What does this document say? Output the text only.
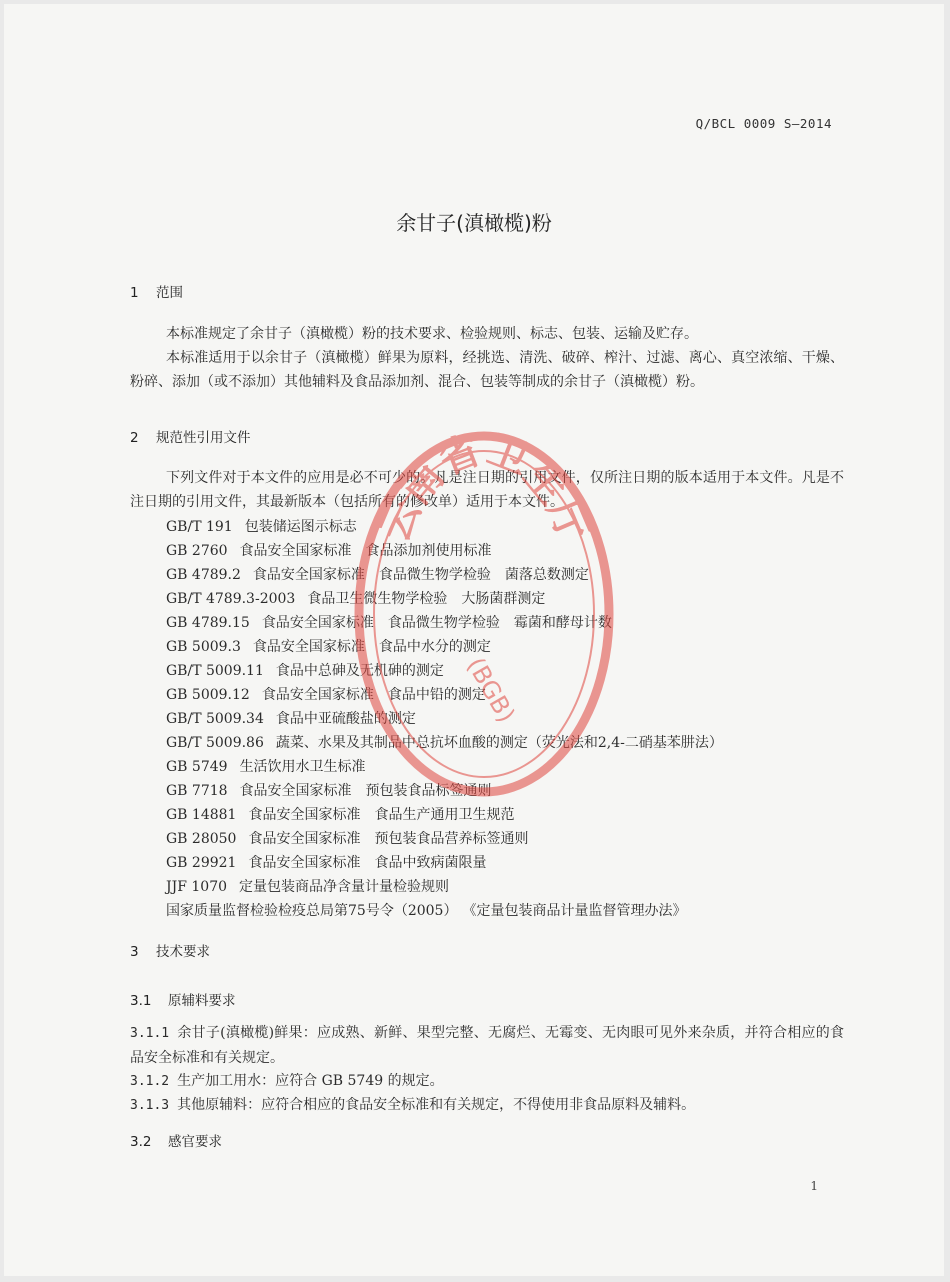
Q/BCL 0009 S—2014
余甘子(滇橄榄)粉
1 范围
本标准规定了余甘子（滇橄榄）粉的技术要求、检验规则、标志、包装、运输及贮存。
本标准适用于以余甘子（滇橄榄）鲜果为原料，经挑选、清洗、破碎、榨汁、过滤、离心、真空浓缩、干燥、粉碎、添加（或不添加）其他辅料及食品添加剂、混合、包装等制成的余甘子（滇橄榄）粉。
2 规范性引用文件
下列文件对于本文件的应用是必不可少的。凡是注日期的引用文件，仅所注日期的版本适用于本文件。凡是不注日期的引用文件，其最新版本（包括所有的修改单）适用于本文件。
GB/T 191 包装储运图示标志
GB 2760 食品安全国家标准　食品添加剂使用标准
GB 4789.2 食品安全国家标准　食品微生物学检验　菌落总数测定
GB/T 4789.3-2003 食品卫生微生物学检验　大肠菌群测定
GB 4789.15 食品安全国家标准　食品微生物学检验　霉菌和酵母计数
GB 5009.3 食品安全国家标准　食品中水分的测定
GB/T 5009.11 食品中总砷及无机砷的测定
GB 5009.12 食品安全国家标准　食品中铅的测定
GB/T 5009.34 食品中亚硫酸盐的测定
GB/T 5009.86 蔬菜、水果及其制品中总抗坏血酸的测定（荧光法和2,4-二硝基苯肼法）
GB 5749 生活饮用水卫生标准
GB 7718 食品安全国家标准　预包装食品标签通则
GB 14881 食品安全国家标准　食品生产通用卫生规范
GB 28050 食品安全国家标准　预包装食品营养标签通则
GB 29921 食品安全国家标准　食品中致病菌限量
JJF 1070 定量包装商品净含量计量检验规则
国家质量监督检验检疫总局第75号令（2005） 《定量包装商品计量监督管理办法》
3 技术要求
3.1 原辅料要求
3.1.1 余甘子(滇橄榄)鲜果：应成熟、新鲜、果型完整、无腐烂、无霉变、无肉眼可见外来杂质，并符合相应的食品安全标准和有关规定。
3.1.2 生产加工用水：应符合 GB 5749 的规定。
3.1.3 其他原辅料：应符合相应的食品安全标准和有关规定，不得使用非食品原料及辅料。
3.2 感官要求
1
云南省卫生厅
(BGB)
